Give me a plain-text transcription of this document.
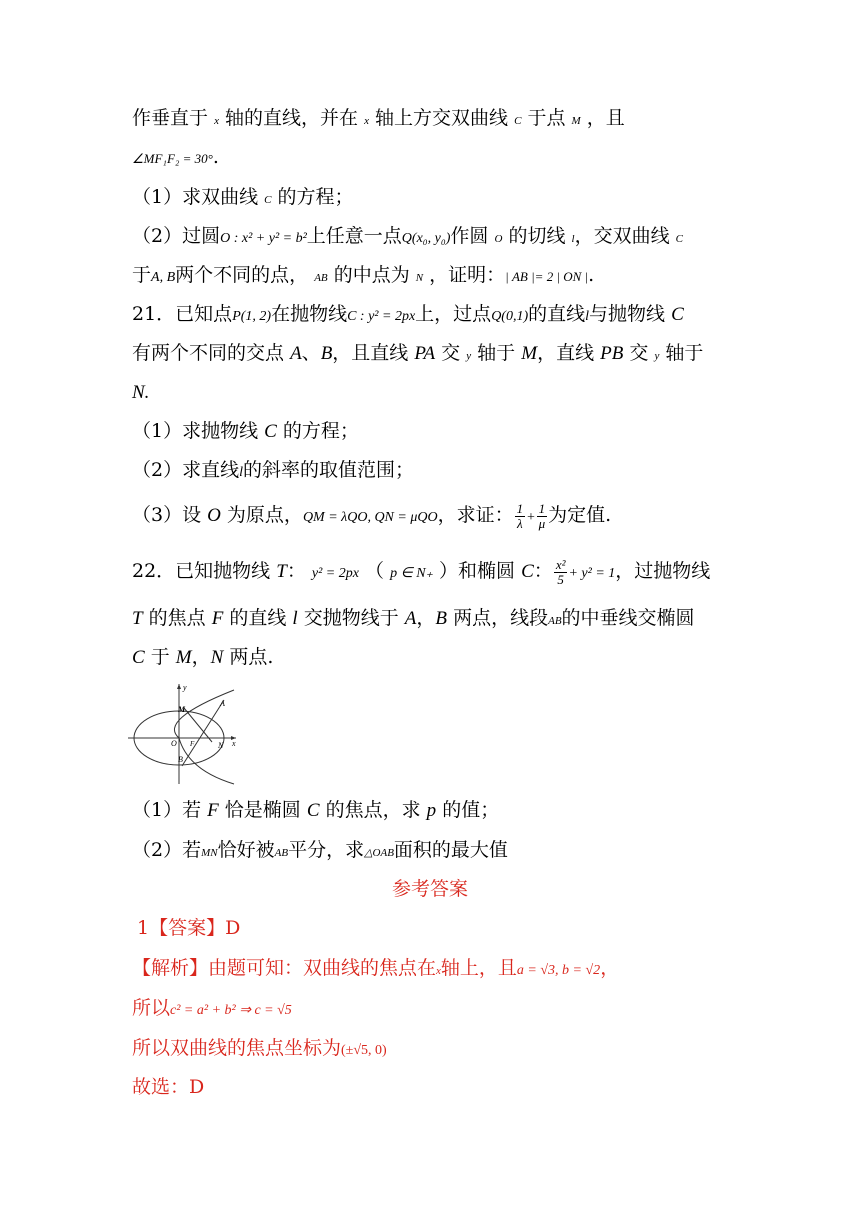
作垂直于 x 轴的直线，并在 x 轴上方交双曲线 C 于点 M ，且
∠MF₁F₂ = 30°.
（1）求双曲线 C 的方程；
（2）过圆O : x² + y² = b²上任意一点Q(x₀, y₀)作圆 O 的切线 l，交双曲线 C
于A, B两个不同的点， AB 的中点为 N ，证明：| AB |= 2 | ON |.
21．已知点P(1, 2)在抛物线C : y² = 2px上，过点Q(0,1)的直线l与抛物线 C
有两个不同的交点 A、B，且直线 PA 交 y 轴于 M，直线 PB 交 y 轴于
N.
（1）求抛物线 C 的方程；
（2）求直线l的斜率的取值范围；
（3）设 O 为原点，QM = λQO, QN = μQO，求证： $\frac{1}{\lambda} + \frac{1}{\mu}$ 为定值.
22．已知抛物线 T： y² = 2px （ p ∈ N₊ ）和椭圆 C： $\frac{\text{x²}}{5} + y^2 = 1$，过抛物线
T 的焦点 F 的直线 l 交抛物线于 A，B 两点，线段AB的中垂线交椭圆
C 于 M，N 两点.
y
x
M
A
O F	N
B
（1）若 F 恰是椭圆 C 的焦点，求 p 的值；
（2）若MN恰好被AB平分，求△OAB面积的最大值
参考答案
1【答案】D
【解析】由题可知：双曲线的焦点在x轴上，且a = √3, b = √2，
所以c² = a² + b² ⇒ c = √5
所以双曲线的焦点坐标为(±√5, 0)
故选：D
